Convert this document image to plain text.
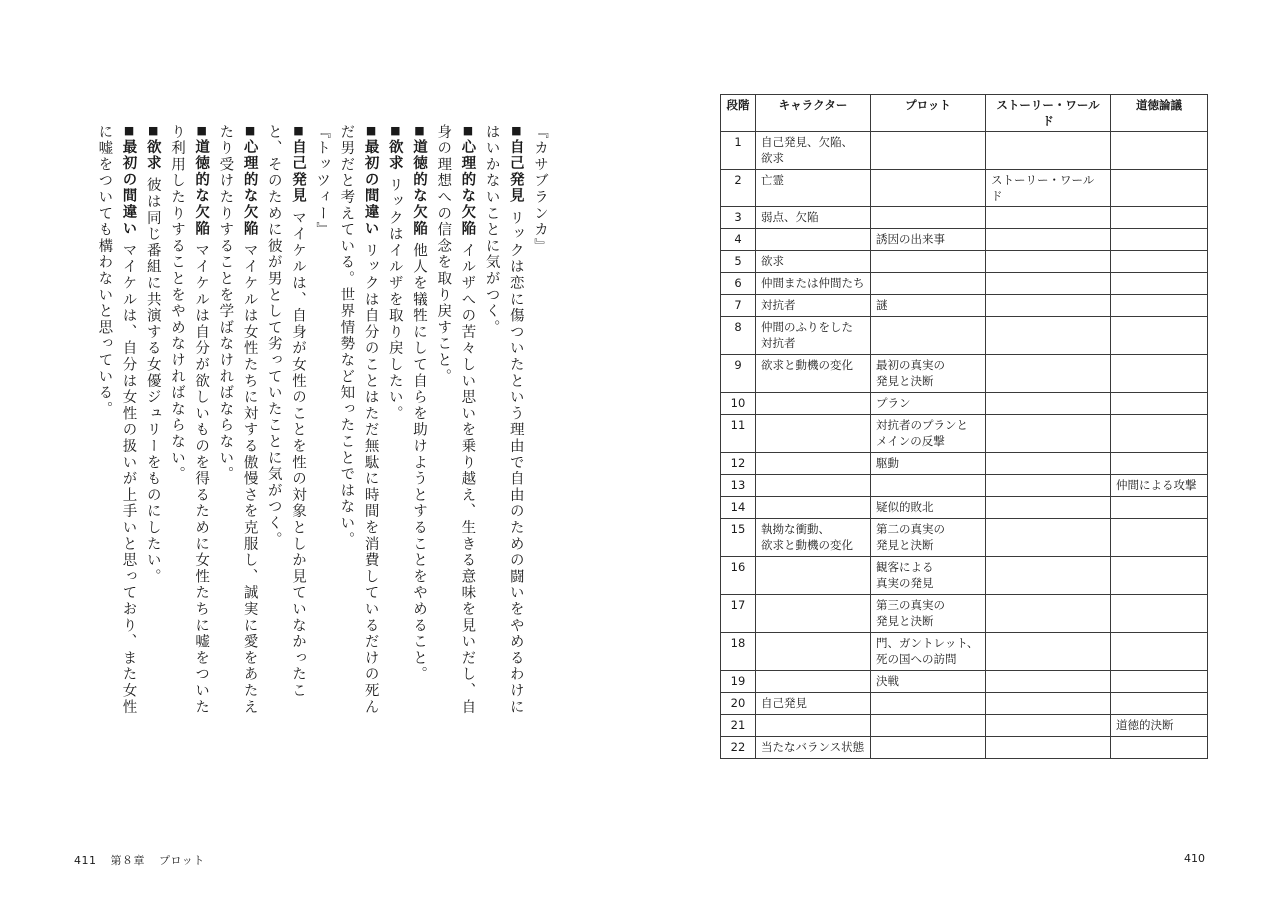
『カサブランカ』
■自己発見リックは恋に傷ついたという理由で自由のための闘いをやめるわけにはいかないことに気がつく。
■心理的な欠陥イルザへの苦々しい思いを乗り越え、生きる意味を見いだし、自身の理想への信念を取り戻すこと。
■道徳的な欠陥他人を犠牲にして自らを助けようとすることをやめること。
■欲求リックはイルザを取り戻したい。
■最初の間違いリックは自分のことはただ無駄に時間を消費しているだけの死んだ男だと考えている。世界情勢など知ったことではない。
『トッツィー』
■自己発見マイケルは、自身が女性のことを性の対象としか見ていなかったこと、そのために彼が男として劣っていたことに気がつく。
■心理的な欠陥マイケルは女性たちに対する傲慢さを克服し、誠実に愛をあたえたり受けたりすることを学ばなければならない。
■道徳的な欠陥マイケルは自分が欲しいものを得るために女性たちに嘘をついたり利用したりすることをやめなければならない。
■欲求彼は同じ番組に共演する女優ジュリーをものにしたい。
■最初の間違いマイケルは、自分は女性の扱いが上手いと思っており、また女性に嘘をついても構わないと思っている。
段階	キャラクター	プロット	ストーリー・ワールド	道徳論議
1	自己発見、欠陥、
欲求			
2	亡霊		ストーリー・ワールド	
3	弱点、欠陥			
4		誘因の出来事		
5	欲求			
6	仲間または仲間たち			
7	対抗者	謎		
8	仲間のふりをした
対抗者			
9	欲求と動機の変化	最初の真実の
発見と決断		
10		プラン		
11		対抗者のプランと
メインの反撃		
12		駆動		
13				仲間による攻撃
14		疑似的敗北		
15	執拗な衝動、
欲求と動機の変化	第二の真実の
発見と決断		
16		観客による
真実の発見		
17		第三の真実の
発見と決断		
18		門、ガントレット、
死の国への訪問		
19		決戦		
20	自己発見			
21				道徳的決断
22	当たなバランス状態			
411 第８章 プロット	410
